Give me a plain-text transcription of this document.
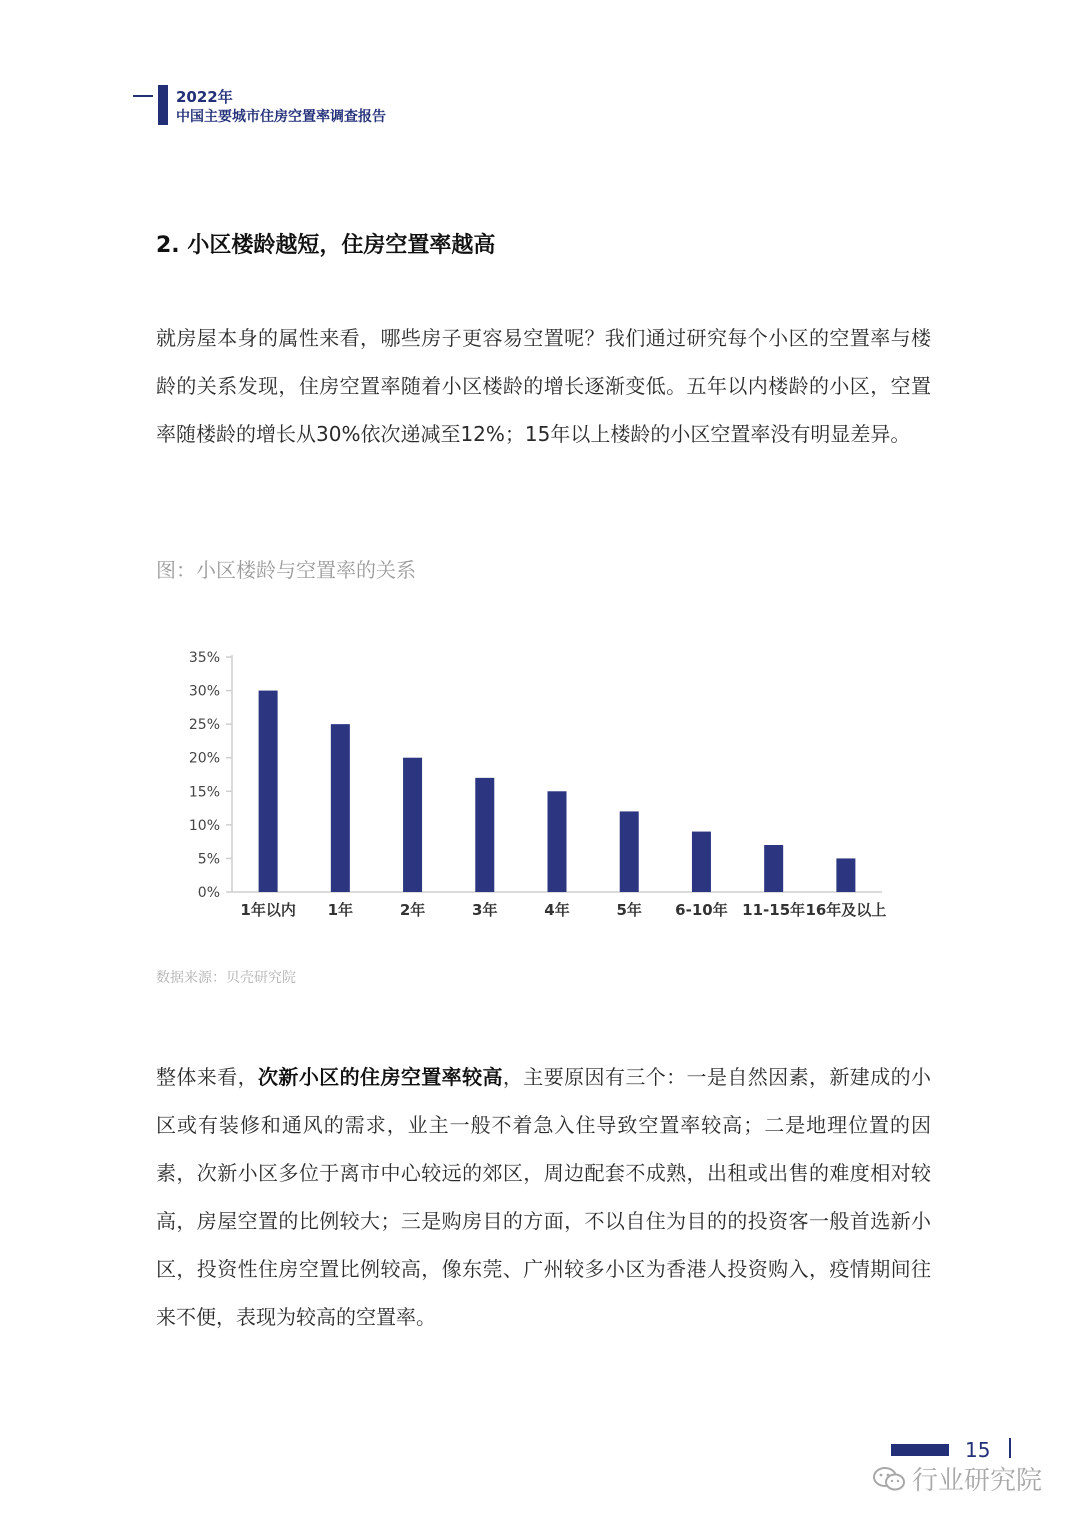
2022年
中国主要城市住房空置率调查报告
2. 小区楼龄越短，住房空置率越高
就房屋本身的属性来看，哪些房子更容易空置呢？我们通过研究每个小区的空置率与楼龄的关系发现，住房空置率随着小区楼龄的增长逐渐变低。五年以内楼龄的小区，空置率随楼龄的增长从30%依次递减至12%；15年以上楼龄的小区空置率没有明显差异。
图：小区楼龄与空置率的关系
0%
5%
10%
15%
20%
25%
30%
35%
1年以内 1年	2年	3年	4年	5年 6-10年 11-15年 16年及以上
数据来源：贝壳研究院
整体来看，次新小区的住房空置率较高，主要原因有三个：一是自然因素，新建成的小区或有装修和通风的需求，业主一般不着急入住导致空置率较高；二是地理位置的因素，次新小区多位于离市中心较远的郊区，周边配套不成熟，出租或出售的难度相对较高，房屋空置的比例较大；三是购房目的方面，不以自住为目的的投资客一般首选新小区，投资性住房空置比例较高，像东莞、广州较多小区为香港人投资购入，疫情期间往来不便，表现为较高的空置率。
15
行业研究院
